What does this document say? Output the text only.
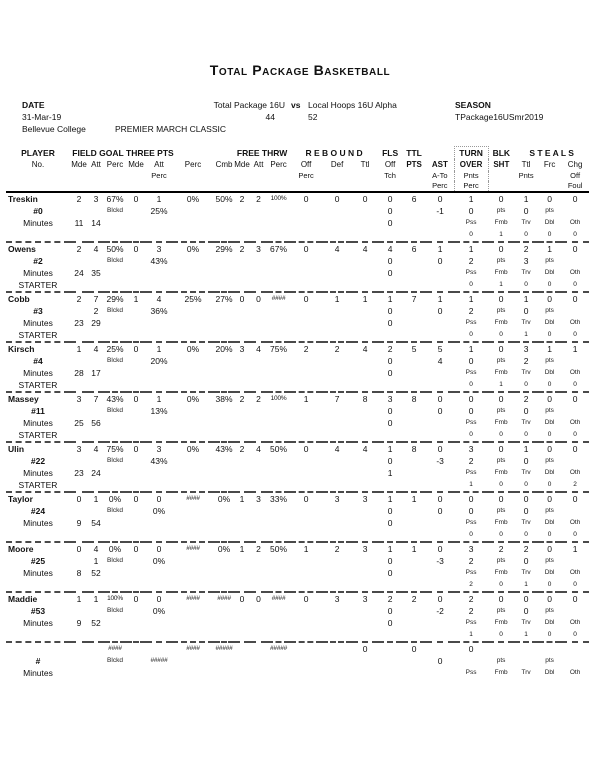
Total Package Basketball
DATE	Total Package 16U vs Local Hoops 16U Alpha	SEASON
31-Mar-19	44	52	TPackage16USmr2019
Bellevue College	PREMIER MARCH CLASSIC
PLAYER	FIELD GOAL			THREE PTS				FREE THRW			R E B O U N D			FLS	TTL		TURN	BLK	S T E A L S		
No.	Mde	Att	Perc	Mde	Att	Perc	Cmb	Mde	Att	Perc	Off	Def	Ttl	Off	PTS	AST	OVER	SHT	Ttl	Frc	Chg
					Perc						Perc			Tch		A-To	Pnts		Pnts		Off
																Perc	Perc				Foul
Treskin	2	3	67%	0	1	0%	50%	2	2	100%	0	0	0	0	6	0	1	0	1	0	0
#0			Blckd		25%									0		-1	0	pts	0	pts	
Minutes	11	14												0			Pss	Fmb	Trv	Dbl	Oth
																	0	1	0	0	0
Owens	2	4	50%	0	3	0%	29%	2	3	67%	0	4	4	4	6	1	1	0	2	1	0
#2			Blckd		43%									0		0	2	pts	3	pts	
Minutes	24	35												0			Pss	Fmb	Trv	Dbl	Oth
STARTER																	0	1	0	0	0
Cobb	2	7	29%	1	4	25%	27%	0	0	####	0	1	1	1	7	1	1	0	1	0	0
#3		2	Blckd		36%									0		0	2	pts	0	pts	
Minutes	23	29												0			Pss	Fmb	Trv	Dbl	Oth
STARTER																	0	0	1	0	0
Kirsch	1	4	25%	0	1	0%	20%	3	4	75%	2	2	4	2	5	5	1	0	3	1	1
#4			Blckd		20%									0		4	0	pts	2	pts	
Minutes	28	17												0			Pss	Fmb	Trv	Dbl	Oth
STARTER																	0	1	0	0	0
Massey	3	7	43%	0	1	0%	38%	2	2	100%	1	7	8	3	8	0	0	0	2	0	0
#11			Blckd		13%									0		0	0	pts	0	pts	
Minutes	25	56												0			Pss	Fmb	Trv	Dbl	Oth
STARTER																	0	0	0	0	0
Ulin	3	4	75%	0	3	0%	43%	2	4	50%	0	4	4	1	8	0	3	0	1	0	0
#22			Blckd		43%									0		-3	2	pts	0	pts	
Minutes	23	24												1			Pss	Fmb	Trv	Dbl	Oth
STARTER																	1	0	0	0	2
Taylor	0	1	0%	0	0	####	0%	1	3	33%	0	3	3	1	1	0	0	0	0	0	0
#24			Blckd		0%									0		0	0	pts	0	pts	
Minutes	9	54												0			Pss	Fmb	Trv	Dbl	Oth
																	0	0	0	0	0
Moore	0	4	0%	0	0	####	0%	1	2	50%	1	2	3	1	1	0	3	2	2	0	1
#25		1	Blckd		0%									0		-3	2	pts	0	pts	
Minutes	8	52												0			Pss	Fmb	Trv	Dbl	Oth
																	2	0	1	0	0
Maddie	1	1	100%	0	0	####	####	0	0	####	0	3	3	2	2	0	2	0	0	0	0
#53			Blckd		0%									0		-2	2	pts	0	pts	
Minutes	9	52												0			Pss	Fmb	Trv	Dbl	Oth
																	1	0	1	0	0
			####			####	#####			#####			0		0		0				
#			Blckd		#####											0		pts		pts	
Minutes																	Pss	Fmb	Trv	Dbl	Oth
